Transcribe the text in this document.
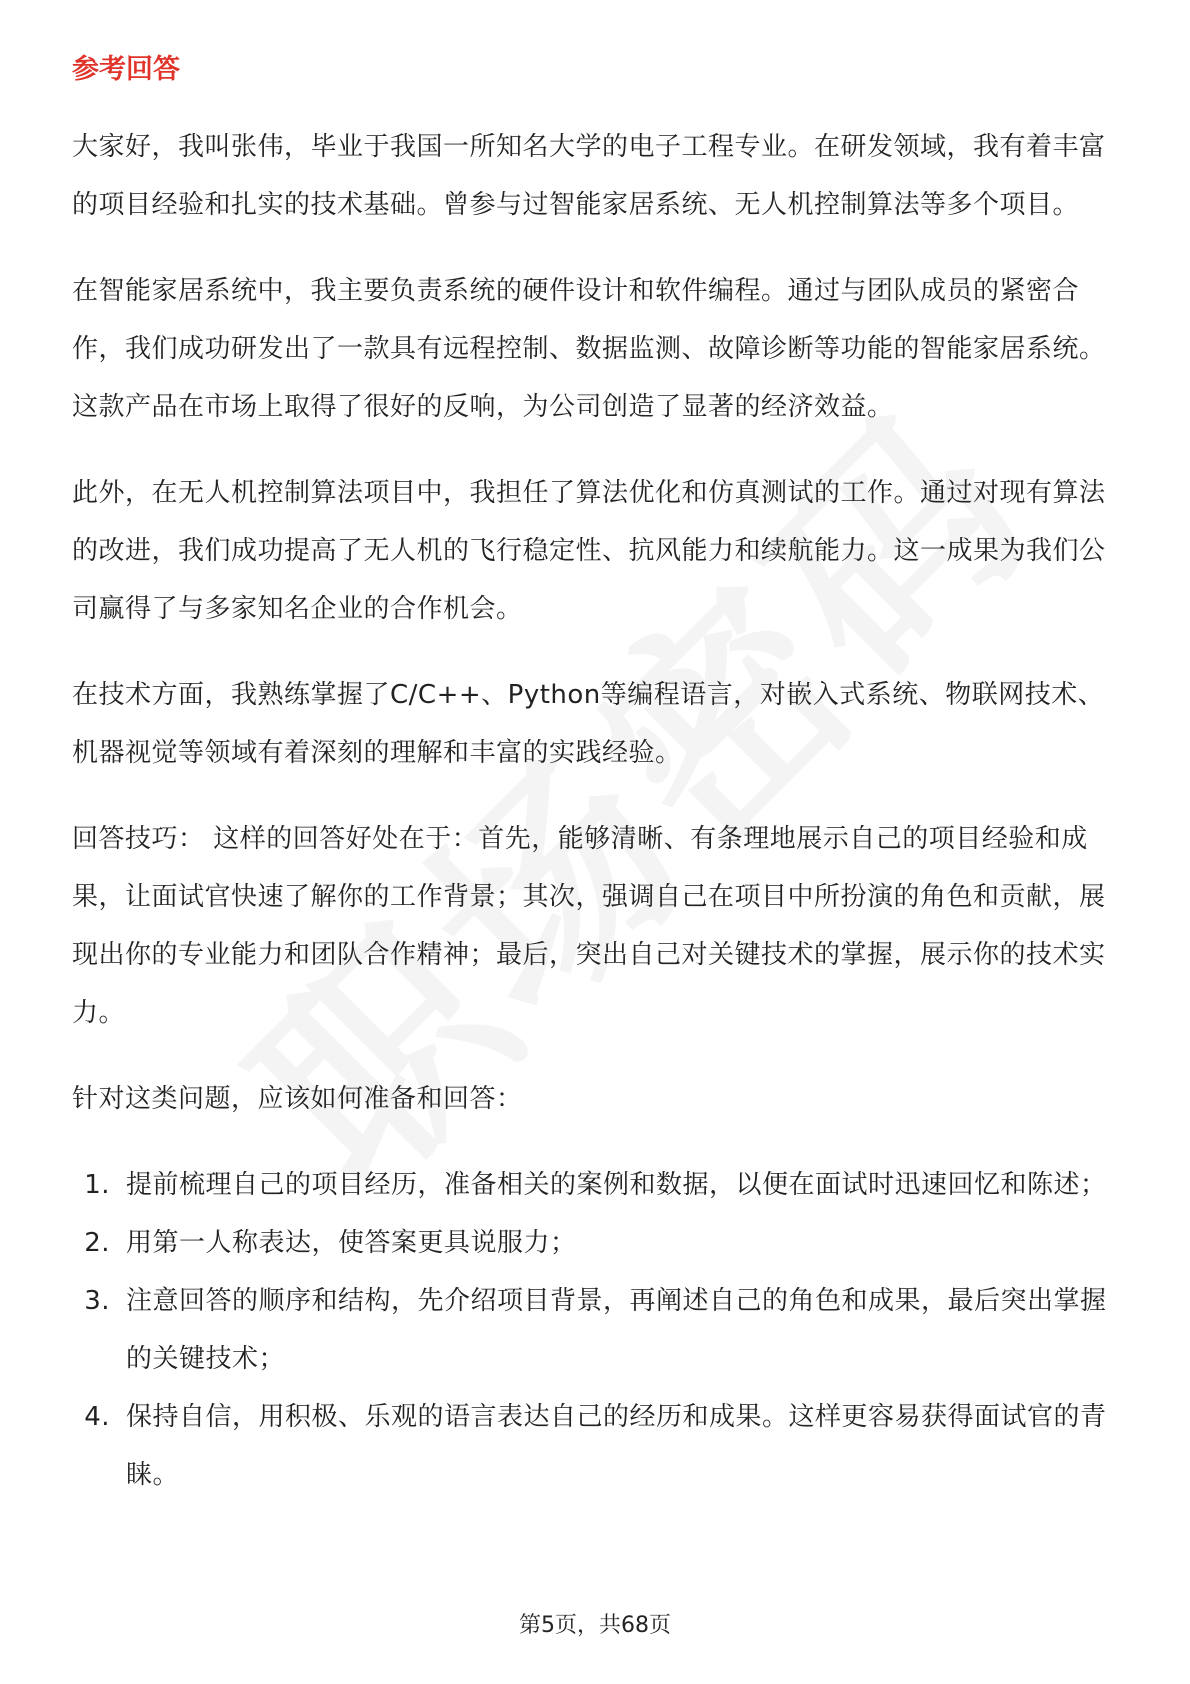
参考回答

大家好，我叫张伟，毕业于我国一所知名大学的电子工程专业。在研发领域，我有着丰富的项目经验和扎实的技术基础。曾参与过智能家居系统、无人机控制算法等多个项目。

在智能家居系统中，我主要负责系统的硬件设计和软件编程。通过与团队成员的紧密合作，我们成功研发出了一款具有远程控制、数据监测、故障诊断等功能的智能家居系统。这款产品在市场上取得了很好的反响，为公司创造了显著的经济效益。

此外，在无人机控制算法项目中，我担任了算法优化和仿真测试的工作。通过对现有算法的改进，我们成功提高了无人机的飞行稳定性、抗风能力和续航能力。这一成果为我们公司赢得了与多家知名企业的合作机会。

在技术方面，我熟练掌握了C/C++、Python等编程语言，对嵌入式系统、物联网技术、机器视觉等领域有着深刻的理解和丰富的实践经验。

回答技巧： 这样的回答好处在于：首先，能够清晰、有条理地展示自己的项目经验和成果，让面试官快速了解你的工作背景；其次，强调自己在项目中所扮演的角色和贡献，展现出你的专业能力和团队合作精神；最后，突出自己对关键技术的掌握，展示你的技术实力。

针对这类问题，应该如何准备和回答：

1. 提前梳理自己的项目经历，准备相关的案例和数据，以便在面试时迅速回忆和陈述；
2. 用第一人称表达，使答案更具说服力；
3. 注意回答的顺序和结构，先介绍项目背景，再阐述自己的角色和成果，最后突出掌握的关键技术；
4. 保持自信，用积极、乐观的语言表达自己的经历和成果。这样更容易获得面试官的青睐。
第5页，共68页
